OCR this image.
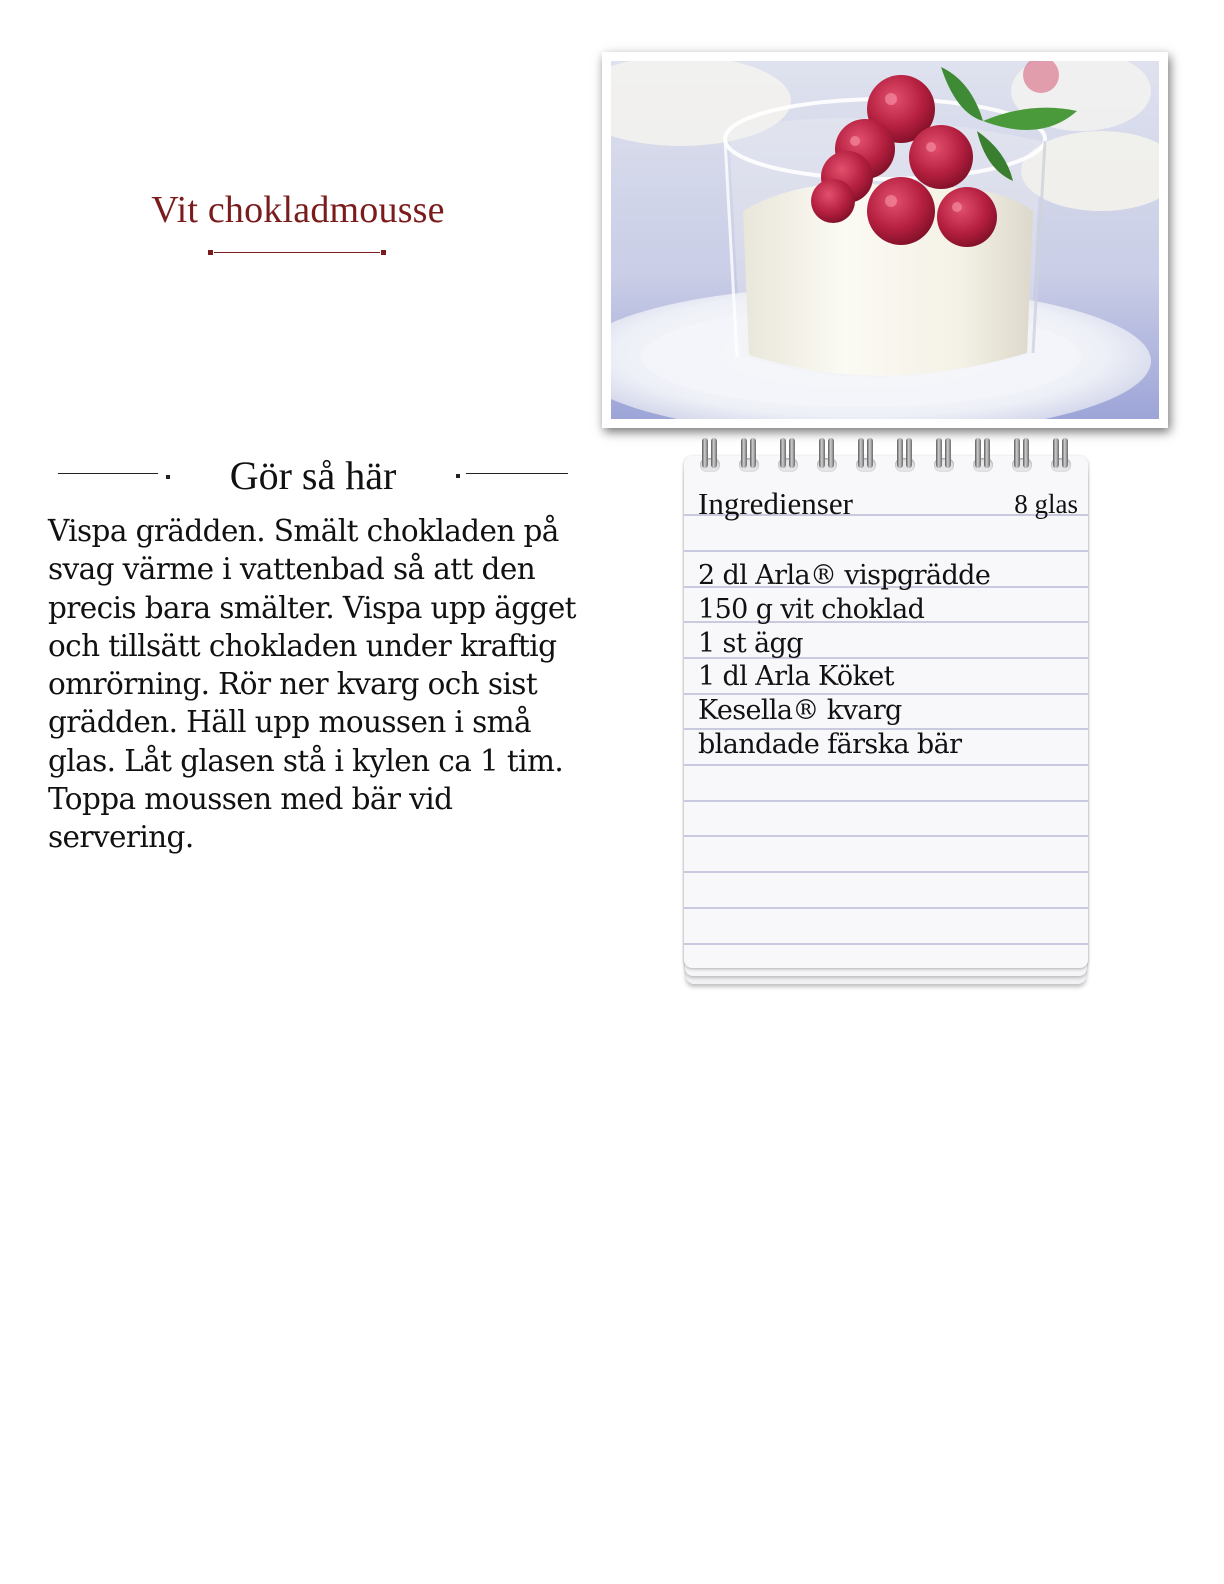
Vit chokladmousse
Gör så här
Vispa grädden. Smält chokladen på svag värme i vattenbad så att den precis bara smälter. Vispa upp ägget och tillsätt chokladen under kraftig omrörning. Rör ner kvarg och sist grädden. Häll upp moussen i små glas. Låt glasen stå i kylen ca 1 tim. Toppa moussen med bär vid servering.
Ingredienser	8 glas
2 dl Arla® vispgrädde
150 g vit choklad
1 st ägg
1 dl Arla Köket
Kesella® kvarg
blandade färska bär
